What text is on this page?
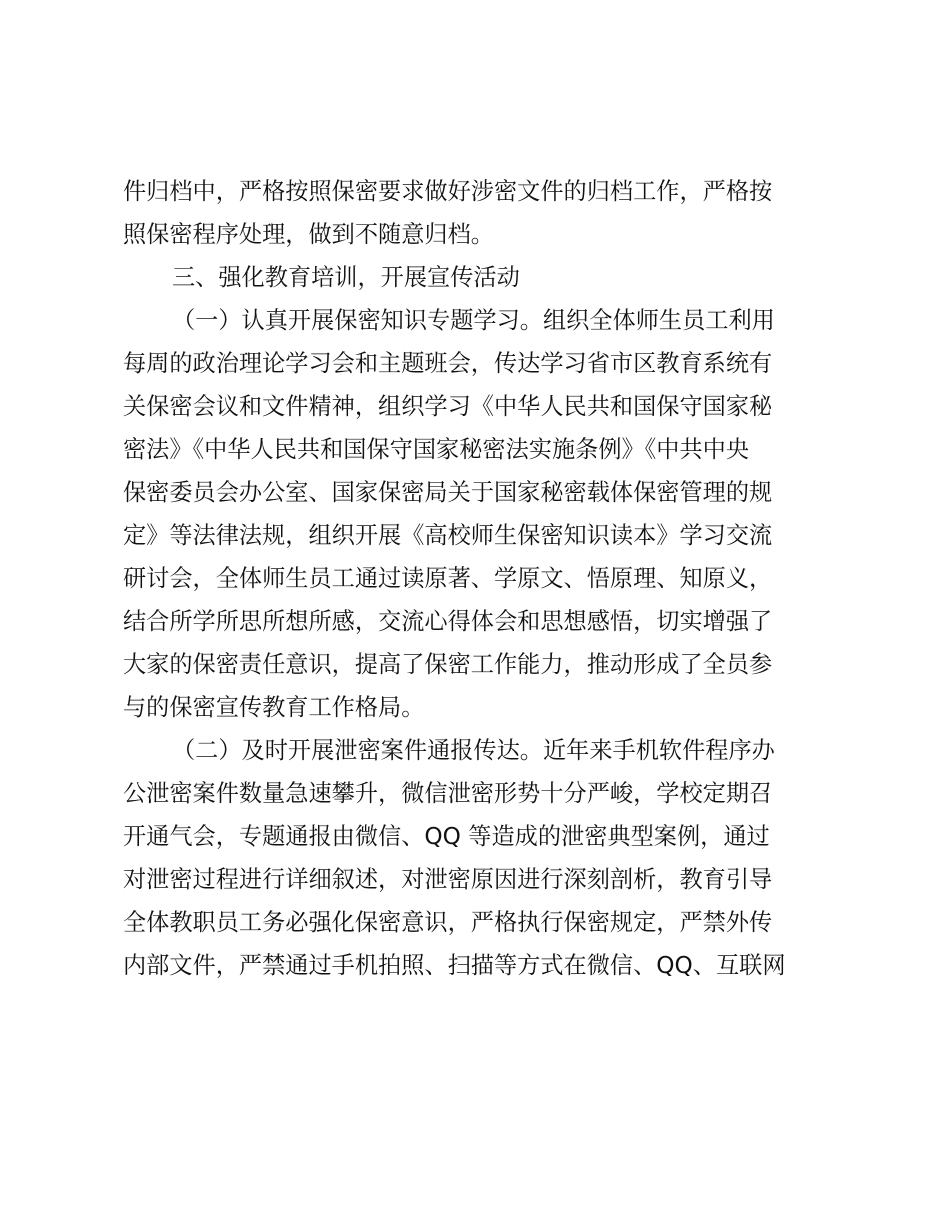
件归档中，严格按照保密要求做好涉密文件的归档工作，严格按
照保密程序处理，做到不随意归档。
三、强化教育培训，开展宣传活动
（一）认真开展保密知识专题学习。组织全体师生员工利用
每周的政治理论学习会和主题班会，传达学习省市区教育系统有
关保密会议和文件精神，组织学习《中华人民共和国保守国家秘
密法》《中华人民共和国保守国家秘密法实施条例》《中共中央
保密委员会办公室、国家保密局关于国家秘密载体保密管理的规
定》等法律法规，组织开展《高校师生保密知识读本》学习交流
研讨会，全体师生员工通过读原著、学原文、悟原理、知原义，
结合所学所思所想所感，交流心得体会和思想感悟，切实增强了
大家的保密责任意识，提高了保密工作能力，推动形成了全员参
与的保密宣传教育工作格局。
（二）及时开展泄密案件通报传达。近年来手机软件程序办
公泄密案件数量急速攀升，微信泄密形势十分严峻，学校定期召
开通气会，专题通报由微信、QQ 等造成的泄密典型案例，通过
对泄密过程进行详细叙述，对泄密原因进行深刻剖析，教育引导
全体教职员工务必强化保密意识，严格执行保密规定，严禁外传
内部文件，严禁通过手机拍照、扫描等方式在微信、QQ、互联网
